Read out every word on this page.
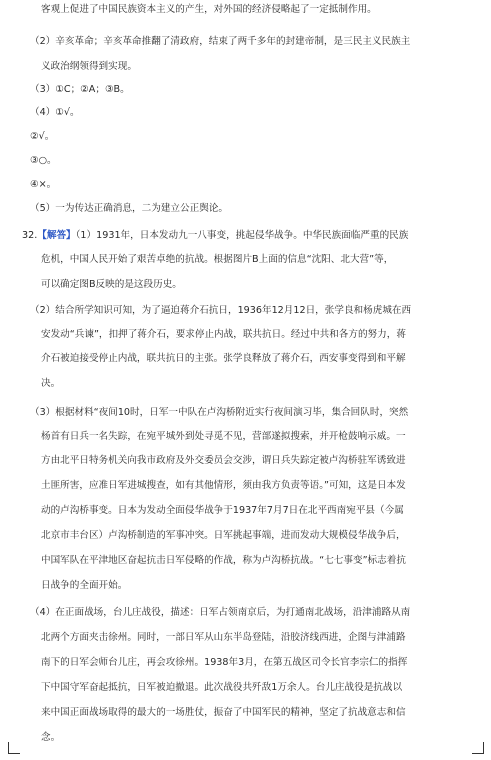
客观上促进了中国民族资本主义的产生，对外国的经济侵略起了一定抵制作用。
（2）辛亥革命；辛亥革命推翻了清政府，结束了两千多年的封建帝制，是三民主义民族主
义政治纲领得到实现。
（3）①C；②A；③B。
（4）①√。
②√。
③○。
④×。
（5）一为传达正确消息，二为建立公正舆论。
32.【解答】（1）1931年，日本发动九一八事变，挑起侵华战争。中华民族面临严重的民族
危机，中国人民开始了艰苦卓绝的抗战。根据图片B上面的信息“沈阳、北大营”等，
可以确定图B反映的是这段历史。
（2）结合所学知识可知，为了逼迫蒋介石抗日，1936年12月12日，张学良和杨虎城在西
安发动“兵谏”，扣押了蒋介石，要求停止内战，联共抗日。经过中共和各方的努力，蒋
介石被迫接受停止内战，联共抗日的主张。张学良释放了蒋介石，西安事变得到和平解
决。
（3）根据材料“夜间10时，日军一中队在卢沟桥附近实行夜间演习毕，集合回队时，突然
杨首有日兵一名失踪，在宛平城外到处寻觅不见，营部遂拟搜索，并开枪鼓响示威。一
方由北平日特务机关向我市政府及外交委员会交涉，谓日兵失踪定被卢沟桥驻军诱致进
土匪所害，应准日军进城搜查，如有其他情形，须由我方负责等语。”可知，这是日本发
动的卢沟桥事变。日本为发动全面侵华战争于1937年7月7日在北平西南宛平县（今属
北京市丰台区）卢沟桥制造的军事冲突。日军挑起事端，进而发动大规模侵华战争后，
中国军队在平津地区奋起抗击日军侵略的作战，称为卢沟桥抗战。“七七事变”标志着抗
日战争的全面开始。
（4）在正面战场，台儿庄战役，描述：日军占领南京后，为打通南北战场，沿津浦路从南
北两个方面夹击徐州。同时，一部日军从山东半岛登陆，沿胶济线西进，企图与津浦路
南下的日军会师台儿庄，再会攻徐州。1938年3月，在第五战区司令长官李宗仁的指挥
下中国守军奋起抵抗，日军被迫撤退。此次战役共歼敌1万余人。台儿庄战役是抗战以
来中国正面战场取得的最大的一场胜仗，振奋了中国军民的精神，坚定了抗战意志和信
念。
